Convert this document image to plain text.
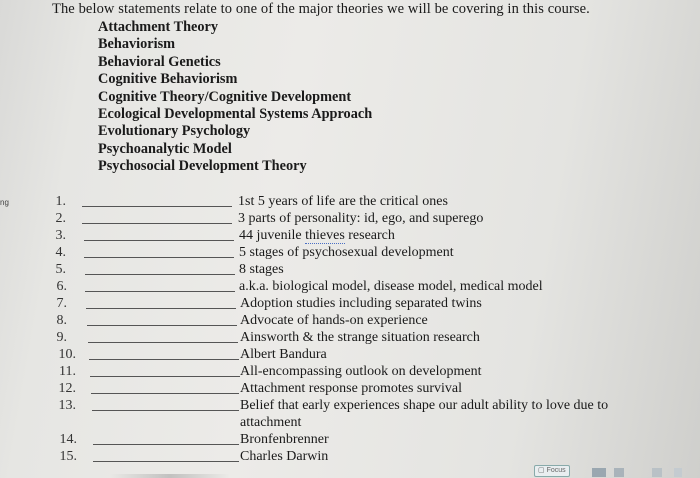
ng
The below statements relate to one of the major theories we will be covering in this course.
Attachment Theory
Behaviorism
Behavioral Genetics
Cognitive Behaviorism
Cognitive Theory/Cognitive Development
Ecological Developmental Systems Approach
Evolutionary Psychology
Psychoanalytic Model
Psychosocial Development Theory
1.	1st 5 years of life are the critical ones
2.	3 parts of personality: id, ego, and superego
3.	44 juvenile thieves research
4.	5 stages of psychosexual development
5.	8 stages
6.	a.k.a. biological model, disease model, medical model
7.	Adoption studies including separated twins
8.	Advocate of hands-on experience
9.	Ainsworth & the strange situation research
10.	Albert Bandura
11.	All-encompassing outlook on development
12.	Attachment response promotes survival
13.	Belief that early experiences shape our adult ability to love due to
attachment
14.	Bronfenbrenner
15.	Charles Darwin
▢ Focus
